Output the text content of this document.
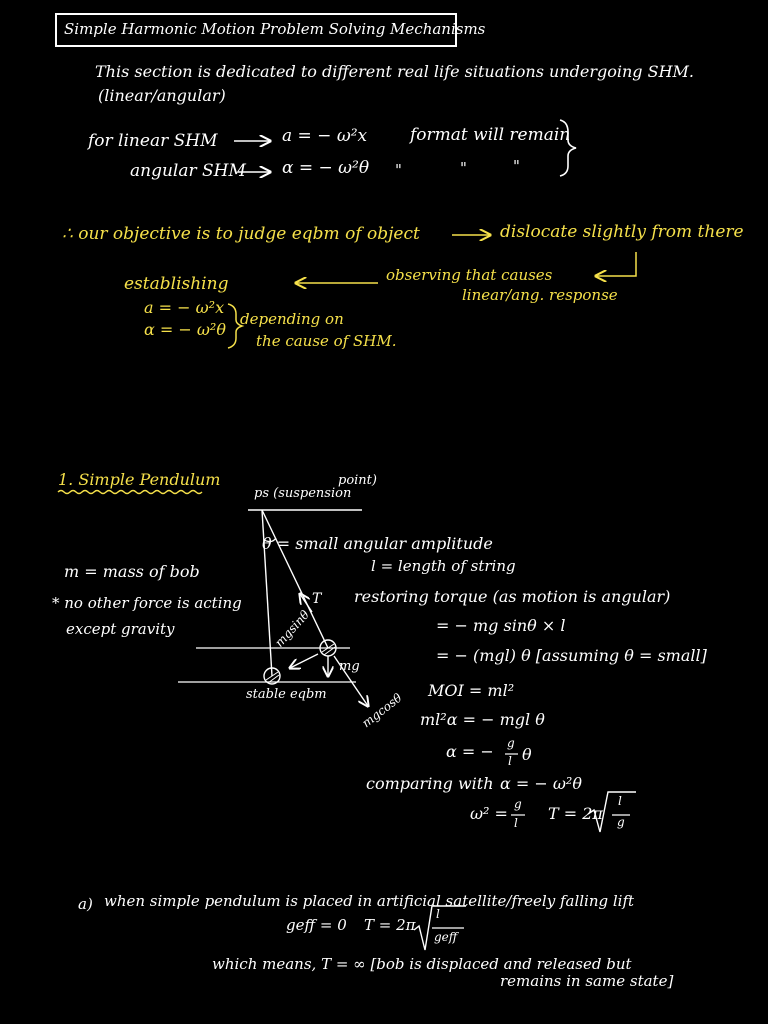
Simple Harmonic Motion Problem Solving Mechanisms
This section is dedicated to different real life situations undergoing SHM.
(linear/angular)
for linear SHM	a = − ω²x	format will remain
angular SHM α = − ω²θ "	"	"
∴ our objective is to judge eqbm of object	dislocate slightly from there
establishing	observing that causes
linear/ang. response
a = − ω²x
α = − ω²θ
depending on
the cause of SHM.
1. Simple Pendulum
ps (suspension
point)
θ = small angular amplitude
l = length of string
m = mass of bob
* no other force is acting
except gravity
T restoring torque (as motion is angular)
= − mg sinθ × l
= − (mgl) θ [assuming θ = small]
mgsinθ
mg
stable eqbm	mgcosθ
MOI = ml²
ml²α = − mgl θ
α = − g
l θ
comparing with α = − ω²θ
ω² = g
l T = 2π
l
g
a) when simple pendulum is placed in artificial satellite/freely falling lift
geff = 0 T = 2π
l
geff
which means, T = ∞ [bob is displaced and released but
remains in same state]
